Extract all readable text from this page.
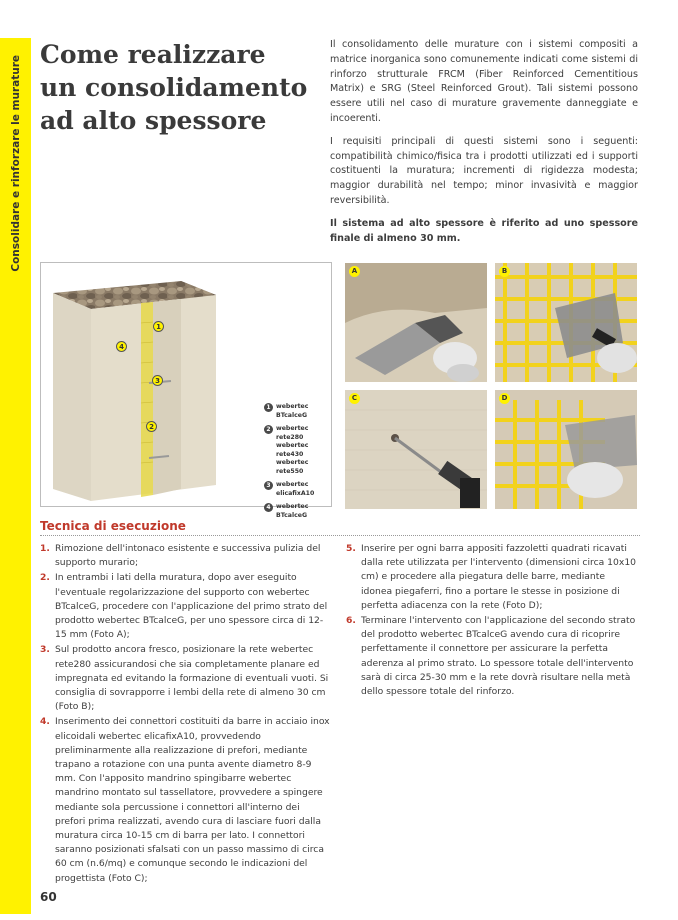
Consolidare e rinforzare le murature
Come realizzare
un consolidamento
ad alto spessore

Il consolidamento delle murature con i sistemi compositi a matrice inorganica sono comunemente indicati come sistemi di rinforzo strutturale FRCM (Fiber Reinforced Cementitious Matrix) e SRG (Steel Reinforced Grout). Tali sistemi possono essere utili nel caso di murature gravemente danneggiate e incoerenti.

I requisiti principali di questi sistemi sono i seguenti: compatibilità chimico/fisica tra i prodotti utilizzati ed i supporti costituenti la muratura; incrementi di rigidezza modesta; maggior durabilità nel tempo; minor invasività e maggior reversibilità.

Il sistema ad alto spessore è riferito ad uno spessore finale di almeno 30 mm.

1
4
3
2
1 webertec BTcalceG
2 webertec rete280 webertec rete430 webertec rete550
3 webertec elicafixA10
4 webertec BTcalceG
A	B
C	D
Tecnica di esecuzione
1. Rimozione dell'intonaco esistente e successiva pulizia del supporto murario;
2. In entrambi i lati della muratura, dopo aver eseguito l'eventuale regolarizzazione del supporto con webertec BTcalceG, procedere con l'applicazione del primo strato del prodotto webertec BTcalceG, per uno spessore circa di 12-15 mm (Foto A);
3. Sul prodotto ancora fresco, posizionare la rete webertec rete280 assicurandosi che sia completamente planare ed impregnata ed evitando la formazione di eventuali vuoti. Si consiglia di sovrapporre i lembi della rete di almeno 30 cm (Foto B);
4. Inserimento dei connettori costituiti da barre in acciaio inox elicoidali webertec elicafixA10, provvedendo preliminarmente alla realizzazione di prefori, mediante trapano a rotazione con una punta avente diametro 8-9 mm. Con l'apposito mandrino spingibarre webertec mandrino montato sul tassellatore, provvedere a spingere mediante sola percussione i connettori all'interno dei prefori prima realizzati, avendo cura di lasciare fuori dalla muratura circa 10-15 cm di barra per lato. I connettori saranno posizionati sfalsati con un passo massimo di circa 60 cm (n.6/mq) e comunque secondo le indicazioni del progettista (Foto C);
5. Inserire per ogni barra appositi fazzoletti quadrati ricavati dalla rete utilizzata per l'intervento (dimensioni circa 10x10 cm) e procedere alla piegatura delle barre, mediante idonea piegaferri, fino a portare le stesse in posizione di perfetta adiacenza con la rete (Foto D);
6. Terminare l'intervento con l'applicazione del secondo strato del prodotto webertec BTcalceG avendo cura di ricoprire perfettamente il connettore per assicurare la perfetta aderenza al primo strato. Lo spessore totale dell'intervento sarà di circa 25-30 mm e la rete dovrà risultare nella metà dello spessore totale del rinforzo.
60
